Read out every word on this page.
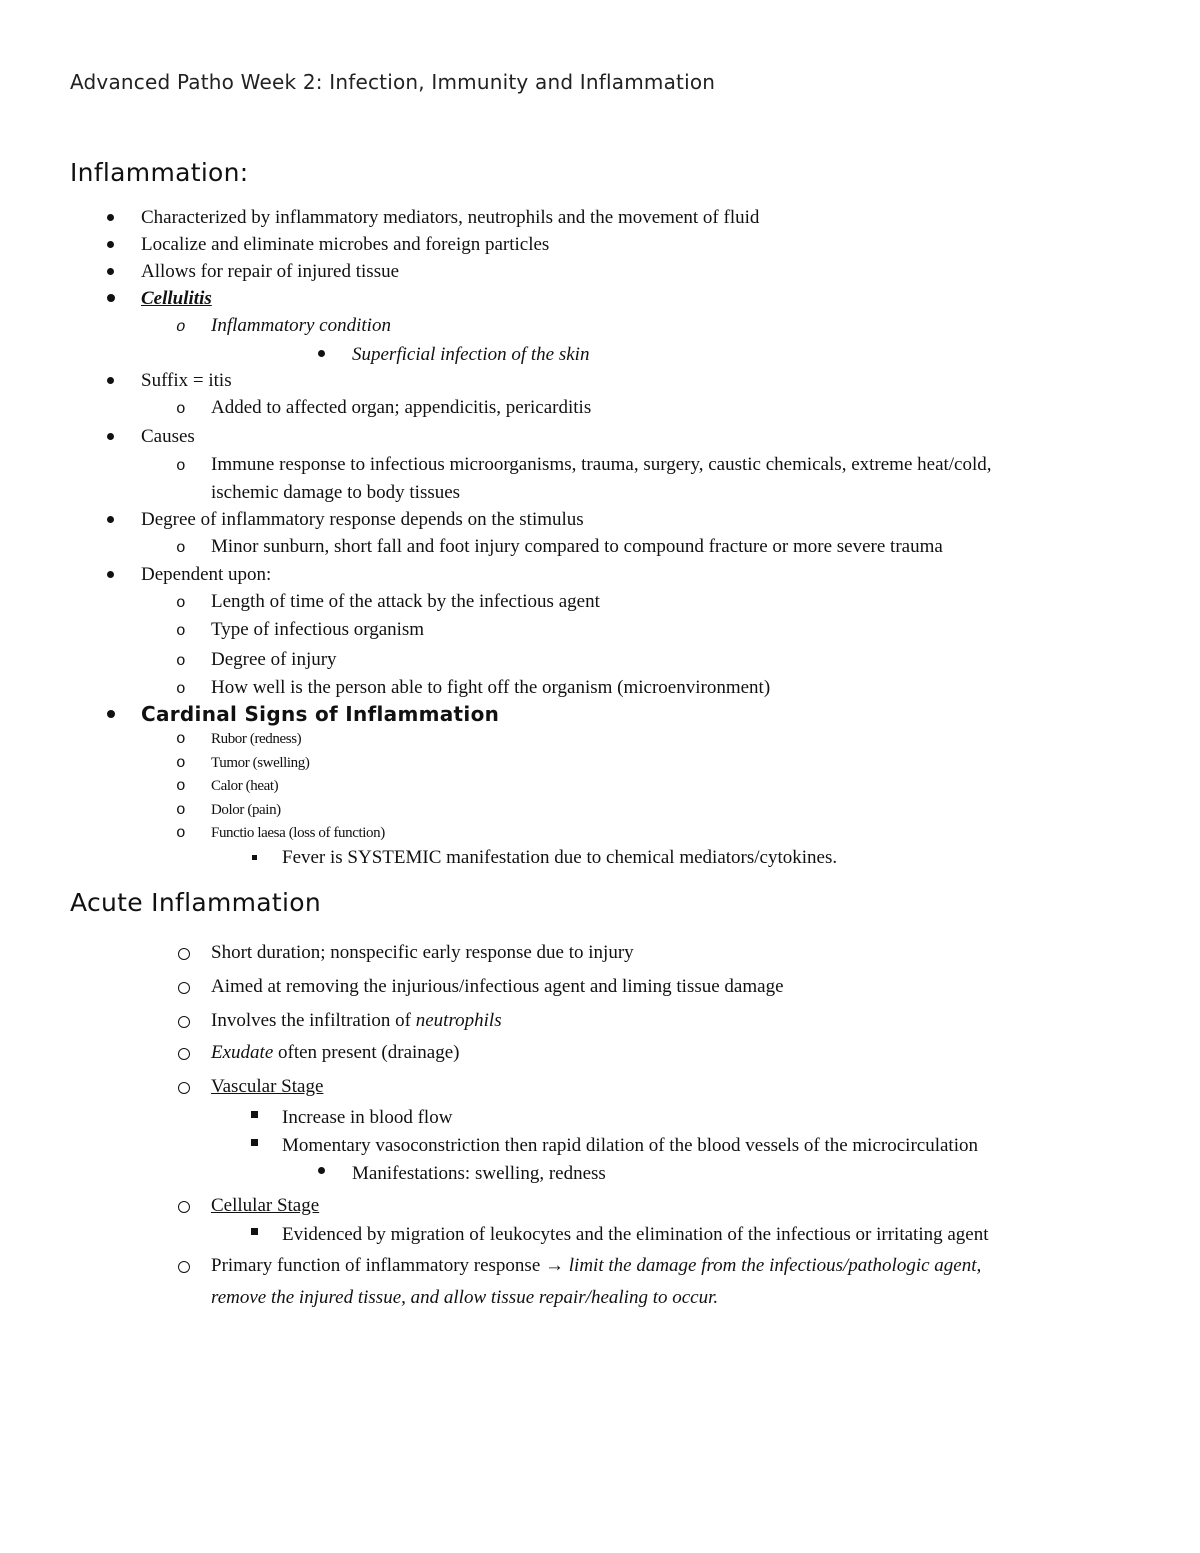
Advanced Patho Week 2: Infection, Immunity and Inflammation
Inflammation:
Characterized by inflammatory mediators, neutrophils and the movement of fluid
Localize and eliminate microbes and foreign particles
Allows for repair of injured tissue
Cellulitis
o Inflammatory condition
Superficial infection of the skin
Suffix = itis
o Added to affected organ; appendicitis, pericarditis
Causes
o Immune response to infectious microorganisms, trauma, surgery, caustic chemicals, extreme heat/cold,
ischemic damage to body tissues
Degree of inflammatory response depends on the stimulus
o Minor sunburn, short fall and foot injury compared to compound fracture or more severe trauma
Dependent upon:
o Length of time of the attack by the infectious agent
o Type of infectious organism
o Degree of injury
o How well is the person able to fight off the organism (microenvironment)
Cardinal Signs of Inflammation
o Rubor (redness)
o Tumor (swelling)
o Calor (heat)
o Dolor (pain)
o Functio laesa (loss of function)
Fever is SYSTEMIC manifestation due to chemical mediators/cytokines.
Acute Inflammation
Short duration; nonspecific early response due to injury
Aimed at removing the injurious/infectious agent and liming tissue damage
Involves the infiltration of neutrophils
Exudate often present (drainage)
Vascular Stage
Increase in blood flow
Momentary vasoconstriction then rapid dilation of the blood vessels of the microcirculation
Manifestations: swelling, redness
Cellular Stage
Evidenced by migration of leukocytes and the elimination of the infectious or irritating agent
Primary function of inflammatory response → limit the damage from the infectious/pathologic agent,
remove the injured tissue, and allow tissue repair/healing to occur.
